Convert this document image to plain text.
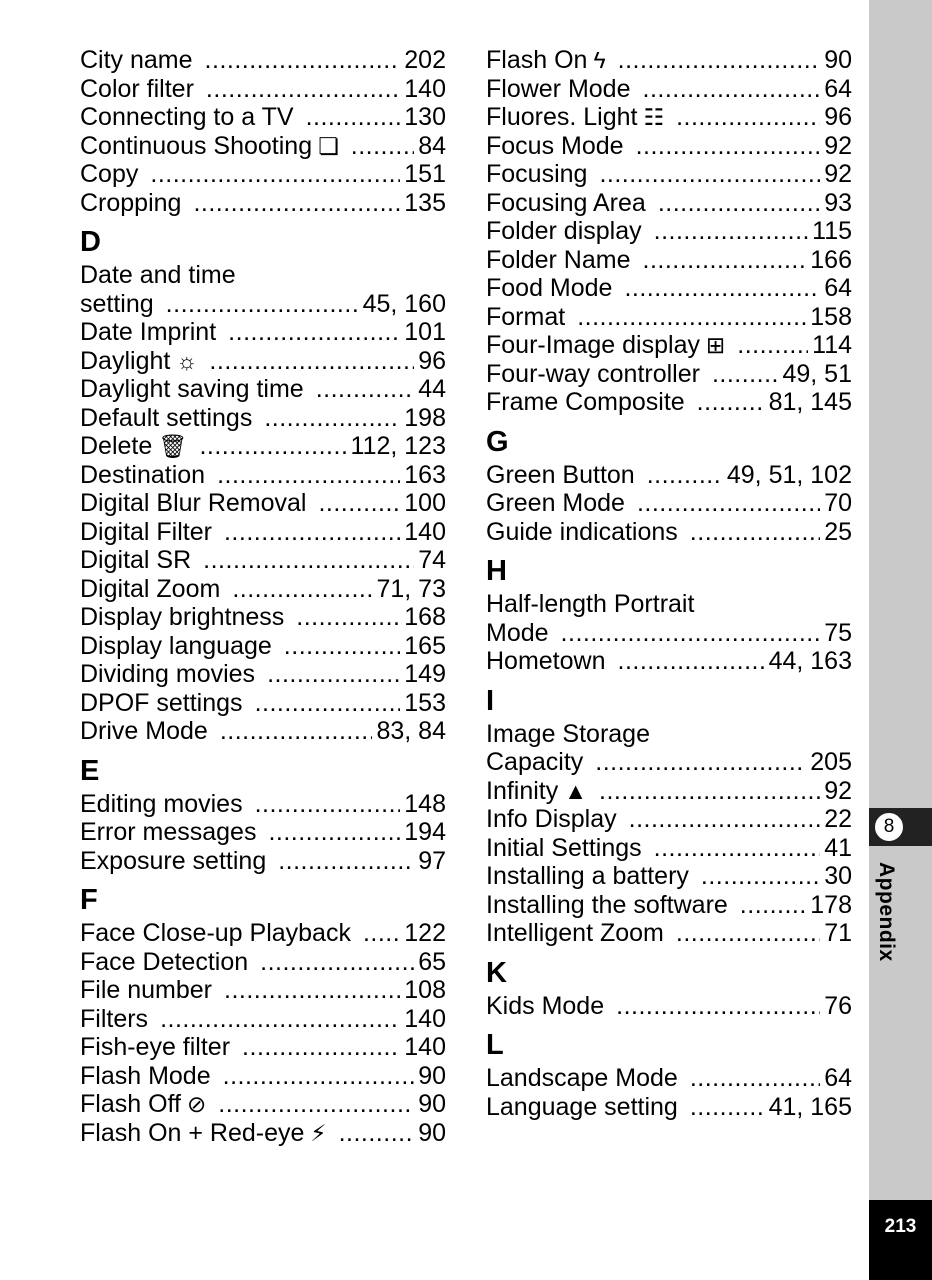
City name .....	202
Color filter .....	140
Connecting to a TV .....	130
Continuous Shooting ❏ .....	84
Copy .....	151
Cropping .....	135
D
Date and time
setting .....	45, 160
Date Imprint .....	101
Daylight ☼ .....	96
Daylight saving time .....	44
Default settings .....	198
Delete 🗑 .....	112, 123
Destination .....	163
Digital Blur Removal .....	100
Digital Filter .....	140
Digital SR .....	74
Digital Zoom .....	71, 73
Display brightness .....	168
Display language .....	165
Dividing movies .....	149
DPOF settings .....	153
Drive Mode .....	83, 84
E
Editing movies .....	148
Error messages .....	194
Exposure setting .....	97
F
Face Close-up Playback ..... 122
Face Detection .....	65
File number .....	108
Filters .....	140
Fish-eye filter .....	140
Flash Mode .....	90
Flash Off ⊘ .....	90
Flash On + Red-eye ⚡ .....	90
Flash On ϟ .....	90
Flower Mode .....	64
Fluores. Light ☷ .....	96
Focus Mode .....	92
Focusing .....	92
Focusing Area .....	93
Folder display .....	115
Folder Name .....	166
Food Mode .....	64
Format .....	158
Four-Image display ⊞ .....	114
Four-way controller .....	49, 51
Frame Composite .....	81, 145
G
Green Button .....	49, 51, 102
Green Mode .....	70
Guide indications .....	25
H
Half-length Portrait
Mode .....	75
Hometown .....	44, 163
I
Image Storage
Capacity .....	205
Infinity ▲ .....	92
Info Display .....	22
Initial Settings .....	41
Installing a battery .....	30
Installing the software .....	178
Intelligent Zoom .....	71
K
Kids Mode .....	76
L
Landscape Mode .....	64
Language setting .....	41, 165
8
Appendix
213
